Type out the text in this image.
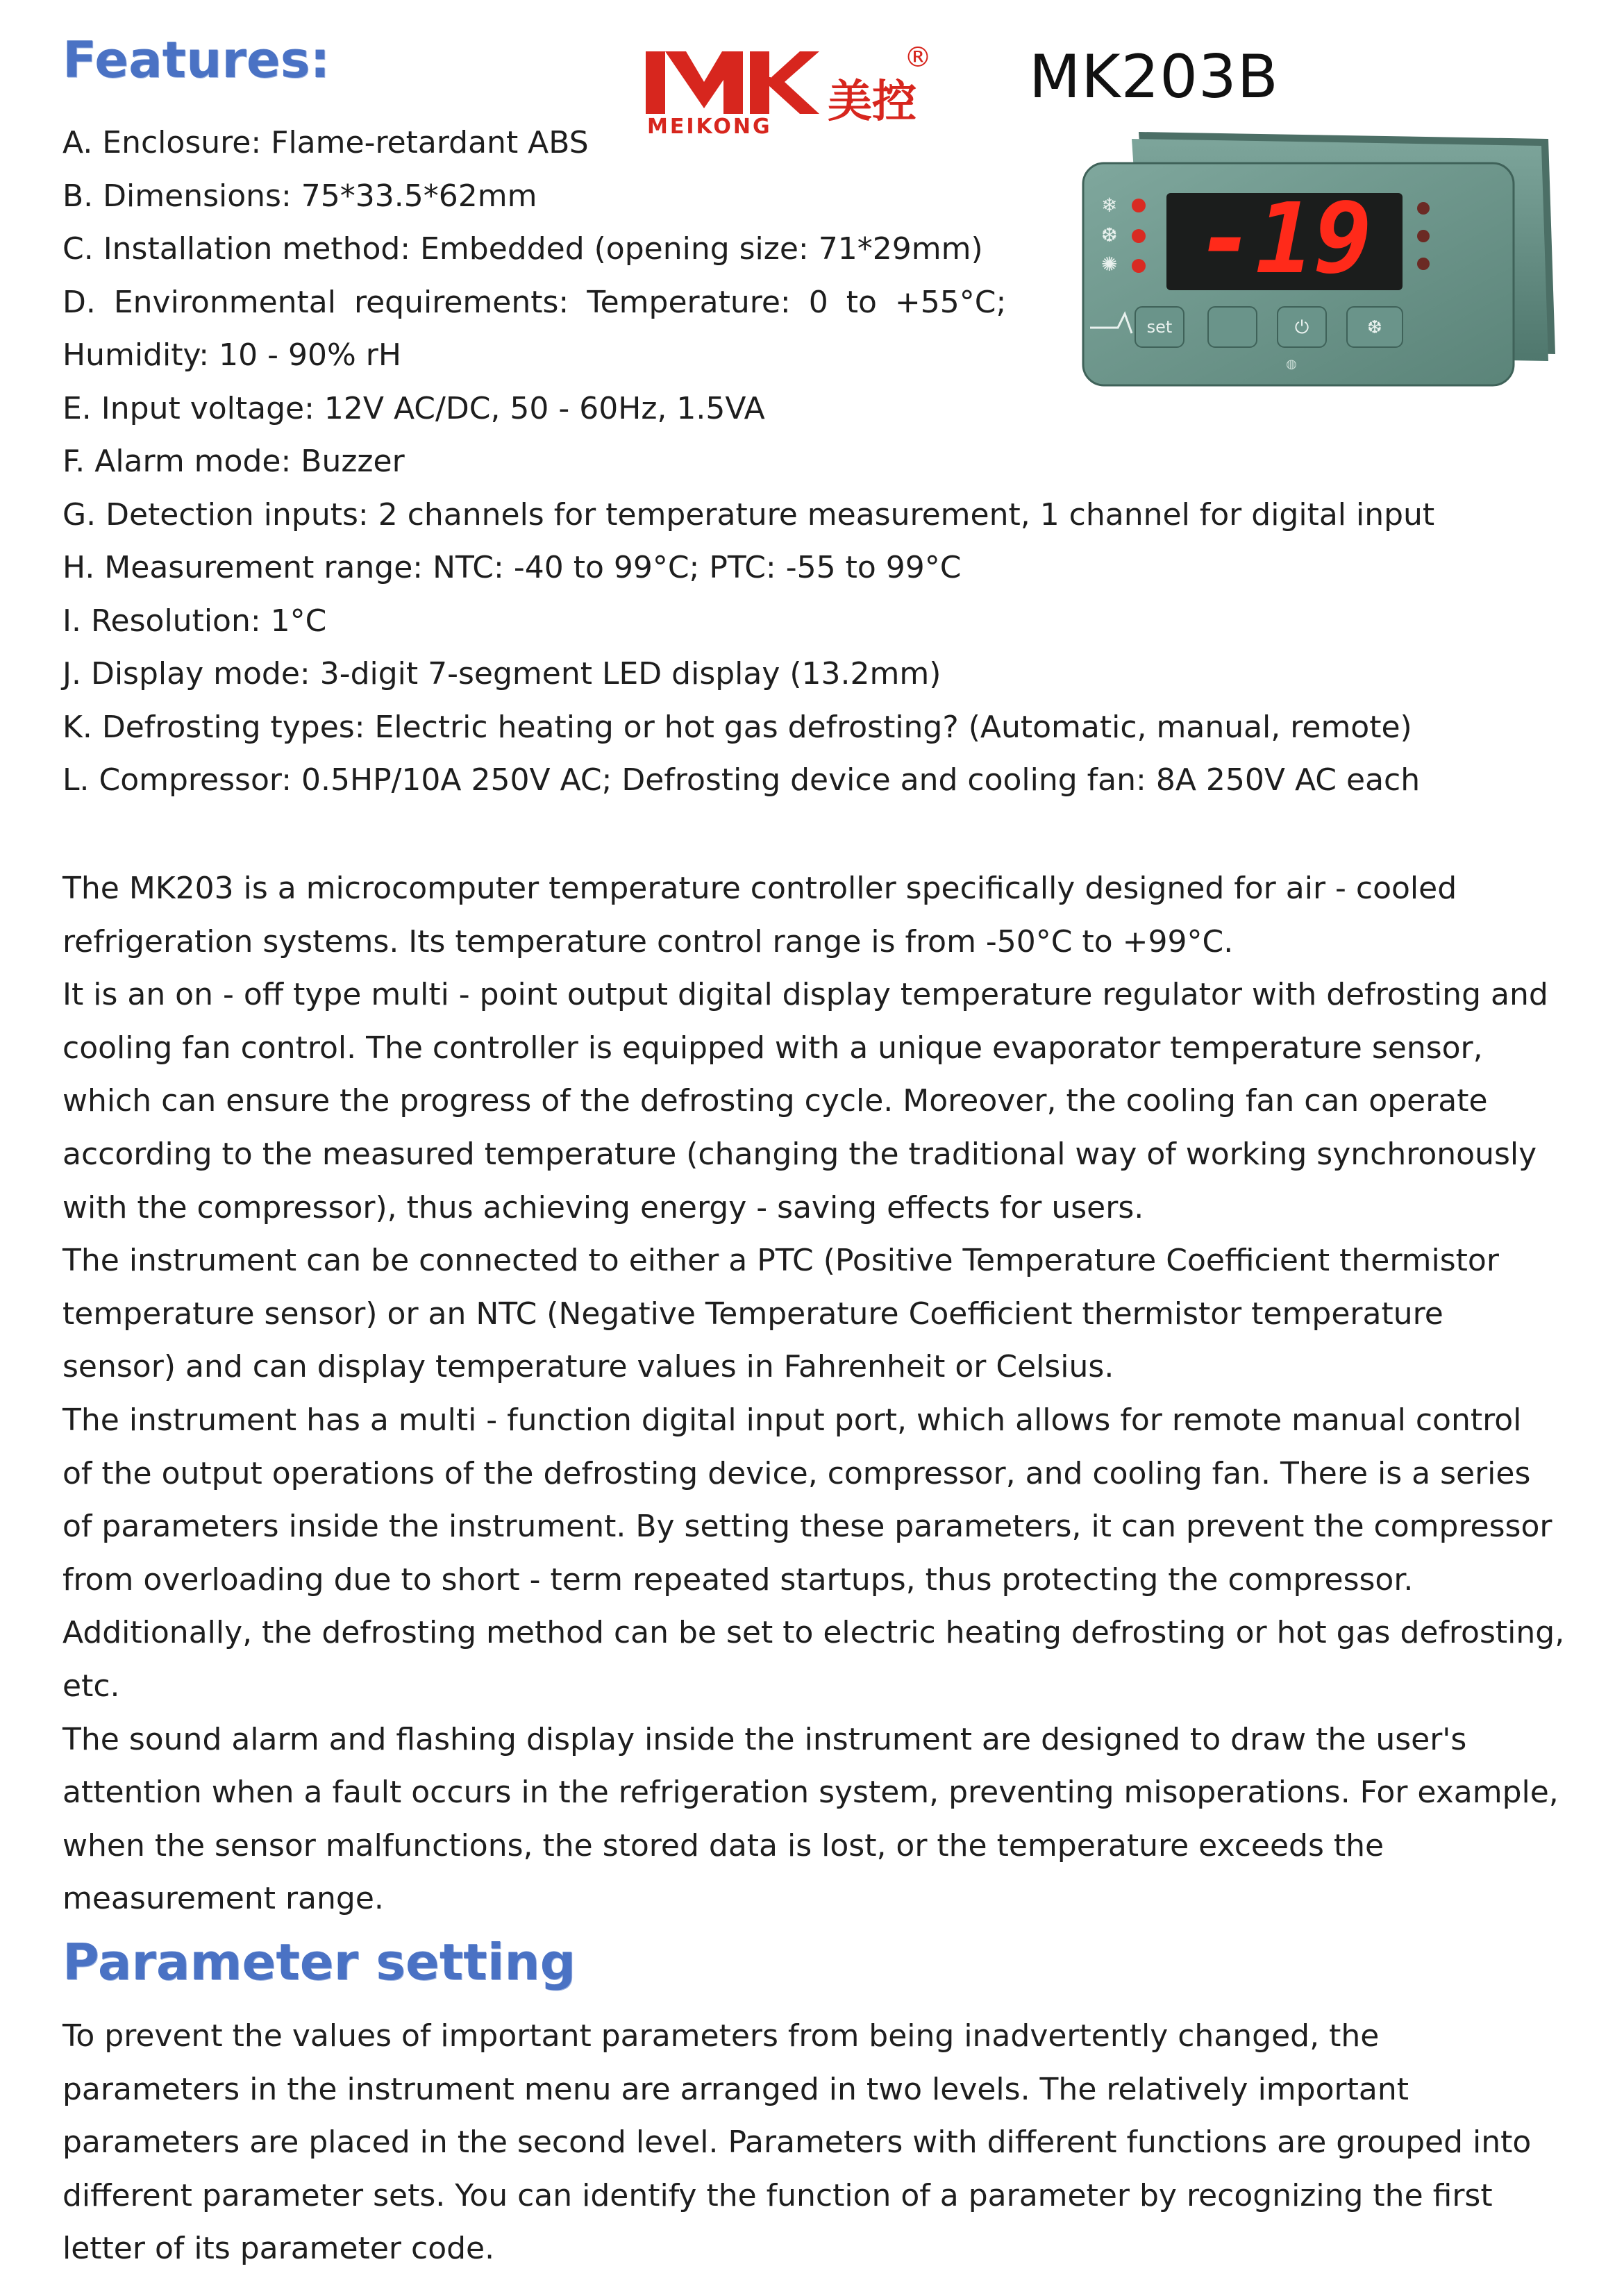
Features:
MEIKONG 美控
® MK203B
-19
❄
❆
✺
set	⏻	❆
◍
A. Enclosure: Flame-retardant ABS
B. Dimensions: 75*33.5*62mm
C. Installation method: Embedded (opening size: 71*29mm)
D. Environmental requirements: Temperature: 0 to +55°C;
Humidity: 10 - 90% rH
E. Input voltage: 12V AC/DC, 50 - 60Hz, 1.5VA
F. Alarm mode: Buzzer
G. Detection inputs: 2 channels for temperature measurement, 1 channel for digital input
H. Measurement range: NTC: -40 to 99°C; PTC: -55 to 99°C
I. Resolution: 1°C
J. Display mode: 3-digit 7-segment LED display (13.2mm)
K. Defrosting types: Electric heating or hot gas defrosting? (Automatic, manual, remote)
L. Compressor: 0.5HP/10A 250V AC; Defrosting device and cooling fan: 8A 250V AC each
The MK203 is a microcomputer temperature controller specifically designed for air - cooled
refrigeration systems. Its temperature control range is from -50°C to +99°C.
It is an on - off type multi - point output digital display temperature regulator with defrosting and
cooling fan control. The controller is equipped with a unique evaporator temperature sensor,
which can ensure the progress of the defrosting cycle. Moreover, the cooling fan can operate
according to the measured temperature (changing the traditional way of working synchronously
with the compressor), thus achieving energy - saving effects for users.
The instrument can be connected to either a PTC (Positive Temperature Coefficient thermistor
temperature sensor) or an NTC (Negative Temperature Coefficient thermistor temperature
sensor) and can display temperature values in Fahrenheit or Celsius.
The instrument has a multi - function digital input port, which allows for remote manual control
of the output operations of the defrosting device, compressor, and cooling fan. There is a series
of parameters inside the instrument. By setting these parameters, it can prevent the compressor
from overloading due to short - term repeated startups, thus protecting the compressor.
Additionally, the defrosting method can be set to electric heating defrosting or hot gas defrosting,
etc.
The sound alarm and flashing display inside the instrument are designed to draw the user's
attention when a fault occurs in the refrigeration system, preventing misoperations. For example,
when the sensor malfunctions, the stored data is lost, or the temperature exceeds the
measurement range.
Parameter setting
To prevent the values of important parameters from being inadvertently changed, the
parameters in the instrument menu are arranged in two levels. The relatively important
parameters are placed in the second level. Parameters with different functions are grouped into
different parameter sets. You can identify the function of a parameter by recognizing the first
letter of its parameter code.
